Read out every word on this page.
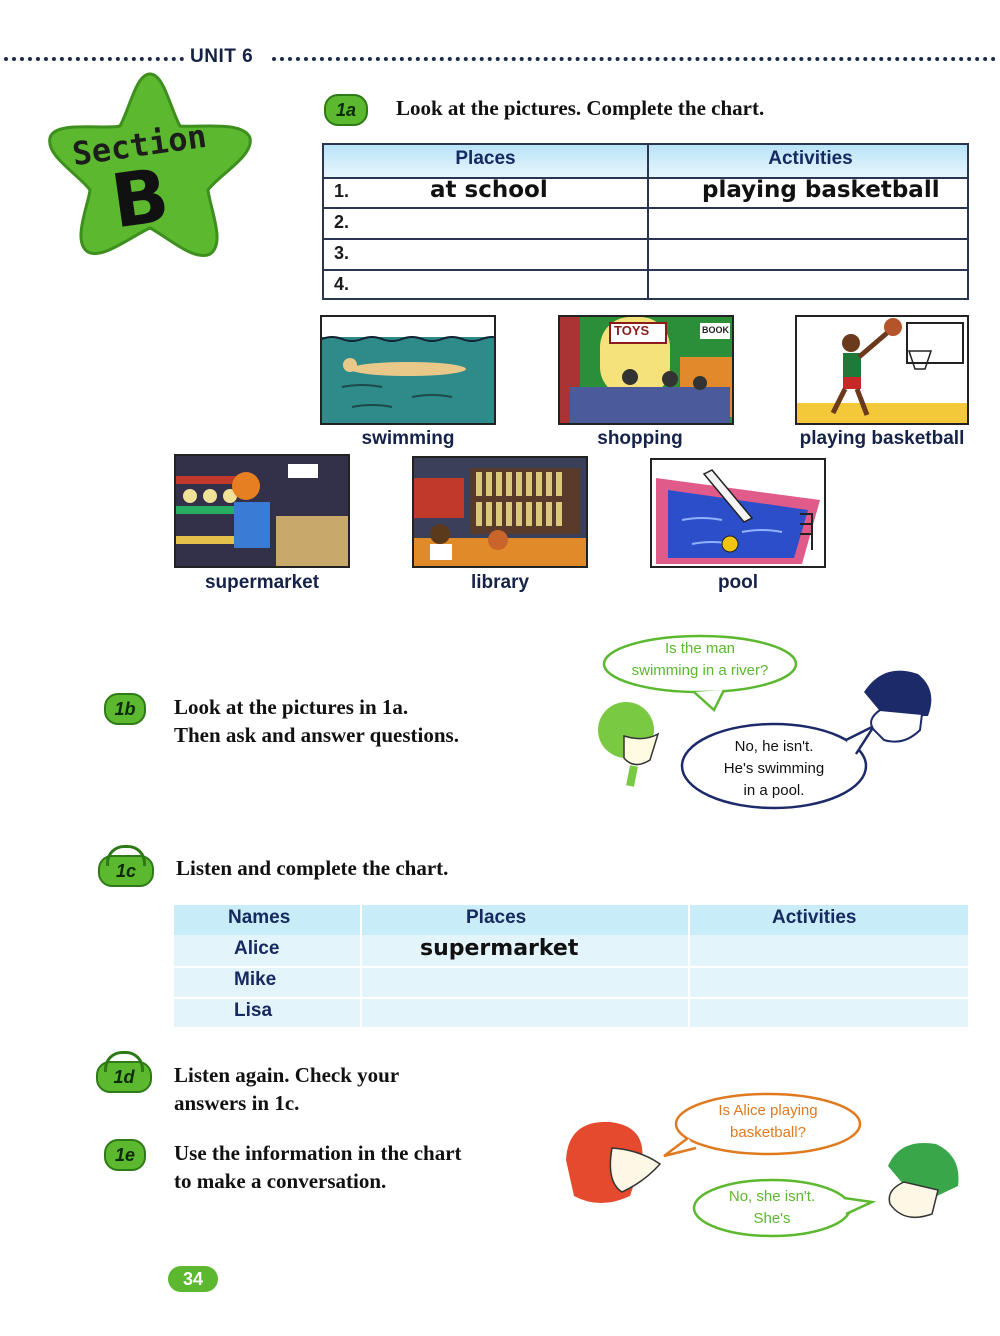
UNIT 6
Section
B
1a	Look at the pictures. Complete the chart.
Places	Activities
1.	at school	playing basketball
2.
3.
4.
swimming
TOYS	BOOK
shopping	playing basketball
supermarket	library	pool
1b	Look at the pictures in 1a.
Then ask and answer questions.
Is the man
swimming in a river?
No, he isn't.
He's swimming
in a pool.
1c	Listen and complete the chart.
Names	Places	Activities
Alice	supermarket
Mike
Lisa
1d	Listen again. Check your
answers in 1c.
1e	Use the information in the chart
to make a conversation.
Is Alice playing
basketball?
No, she isn't.
She's
34
